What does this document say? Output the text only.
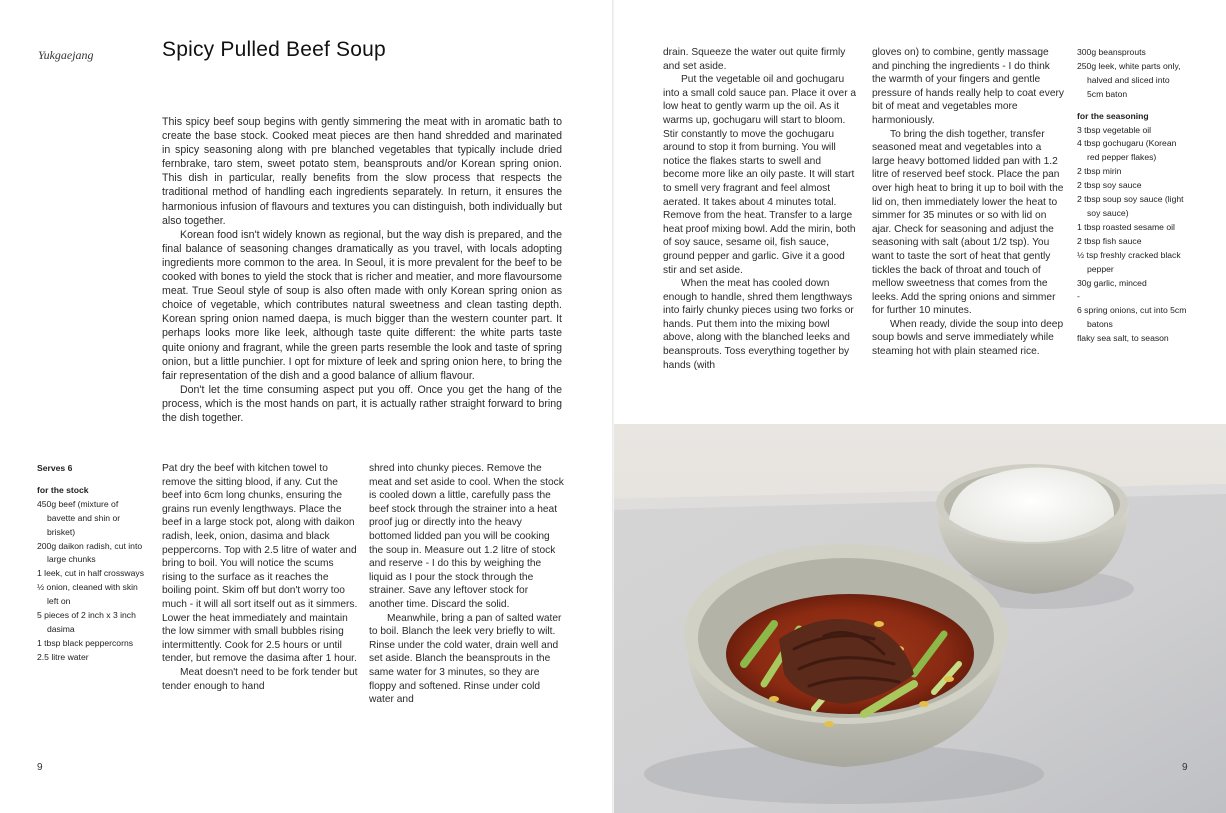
Yukgaejang	Spicy Pulled Beef Soup

This spicy beef soup begins with gently simmering the meat with in aromatic bath to create the base stock. Cooked meat pieces are then hand shredded and marinated in spicy seasoning along with pre blanched vegetables that typically include dried fernbrake, taro stem, sweet potato stem, beansprouts and/or Korean spring onion. This dish in particular, really benefits from the slow process that respects the traditional method of handling each ingredients separately. In return, it ensures the harmonious infusion of flavours and textures you can distinguish, both individually but also together.

Korean food isn't widely known as regional, but the way dish is prepared, and the final balance of seasoning changes dramatically as you travel, with locals adopting ingredients more common to the area. In Seoul, it is more prevalent for the beef to be cooked with bones to yield the stock that is richer and meatier, and more flavoursome meat. True Seoul style of soup is also often made with only Korean spring onion as choice of vegetable, which contributes natural sweetness and clean tasting depth. Korean spring onion named daepa, is much bigger than the western counter part. It perhaps looks more like leek, although taste quite different: the white parts taste quite oniony and fragrant, while the green parts resemble the look and taste of spring onion, but a little punchier. I opt for mixture of leek and spring onion here, to bring the fair representation of the dish and a good balance of allium flavour.

Don't let the time consuming aspect put you off. Once you get the hang of the process, which is the most hands on part, it is actually rather straight forward to bring the dish together.

Serves 6
for the stock
450g beef (mixture of bavette and shin or brisket)
200g daikon radish, cut into large chunks
1 leek, cut in half crossways
½ onion, cleaned with skin left on
5 pieces of 2 inch x 3 inch dasima
1 tbsp black peppercorns
2.5 litre water

Pat dry the beef with kitchen towel to remove the sitting blood, if any. Cut the beef into 6cm long chunks, ensuring the grains run evenly lengthways. Place the beef in a large stock pot, along with daikon radish, leek, onion, dasima and black peppercorns. Top with 2.5 litre of water and bring to boil. You will notice the scums rising to the surface as it reaches the boiling point. Skim off but don't worry too much - it will all sort itself out as it simmers. Lower the heat immediately and maintain the low simmer with small bubbles rising intermittently. Cook for 2.5 hours or until tender, but remove the dasima after 1 hour.

Meat doesn't need to be fork tender but tender enough to hand

shred into chunky pieces. Remove the meat and set aside to cool. When the stock is cooled down a little, carefully pass the beef stock through the strainer into a heat proof jug or directly into the heavy bottomed lidded pan you will be cooking the soup in. Measure out 1.2 litre of stock and reserve - I do this by weighing the liquid as I pour the stock through the strainer. Save any leftover stock for another time. Discard the solid.

Meanwhile, bring a pan of salted water to boil. Blanch the leek very briefly to wilt. Rinse under the cold water, drain well and set aside. Blanch the beansprouts in the same water for 3 minutes, so they are floppy and softened. Rinse under cold water and

9

drain. Squeeze the water out quite firmly and set aside.

Put the vegetable oil and gochugaru into a small cold sauce pan. Place it over a low heat to gently warm up the oil. As it warms up, gochugaru will start to bloom. Stir constantly to move the gochugaru around to stop it from burning. You will notice the flakes starts to swell and become more like an oily paste. It will start to smell very fragrant and feel almost aerated. It takes about 4 minutes total. Remove from the heat. Transfer to a large heat proof mixing bowl. Add the mirin, both of soy sauce, sesame oil, fish sauce, ground pepper and garlic. Give it a good stir and set aside.

When the meat has cooled down enough to handle, shred them lengthways into fairly chunky pieces using two forks or hands. Put them into the mixing bowl above, along with the blanched leeks and beansprouts. Toss everything together by hands (with

gloves on) to combine, gently massage and pinching the ingredients - I do think the warmth of your fingers and gentle pressure of hands really help to coat every bit of meat and vegetables more harmoniously.

To bring the dish together, transfer seasoned meat and vegetables into a large heavy bottomed lidded pan with 1.2 litre of reserved beef stock. Place the pan over high heat to bring it up to boil with the lid on, then immediately lower the heat to simmer for 35 minutes or so with lid on ajar. Check for seasoning and adjust the seasoning with salt (about 1/2 tsp). You want to taste the sort of heat that gently tickles the back of throat and touch of mellow sweetness that comes from the leeks. Add the spring onions and simmer for further 10 minutes.

When ready, divide the soup into deep soup bowls and serve immediately while steaming hot with plain steamed rice.

300g beansprouts
250g leek, white parts only, halved and sliced into 5cm baton
for the seasoning
3 tbsp vegetable oil
4 tbsp gochugaru (Korean red pepper flakes)
2 tbsp mirin
2 tbsp soy sauce
2 tbsp soup soy sauce (light soy sauce)
1 tbsp roasted sesame oil
2 tbsp fish sauce
½ tsp freshly cracked black pepper
30g garlic, minced
-
6 spring onions, cut into 5cm batons
flaky sea salt, to season
9
